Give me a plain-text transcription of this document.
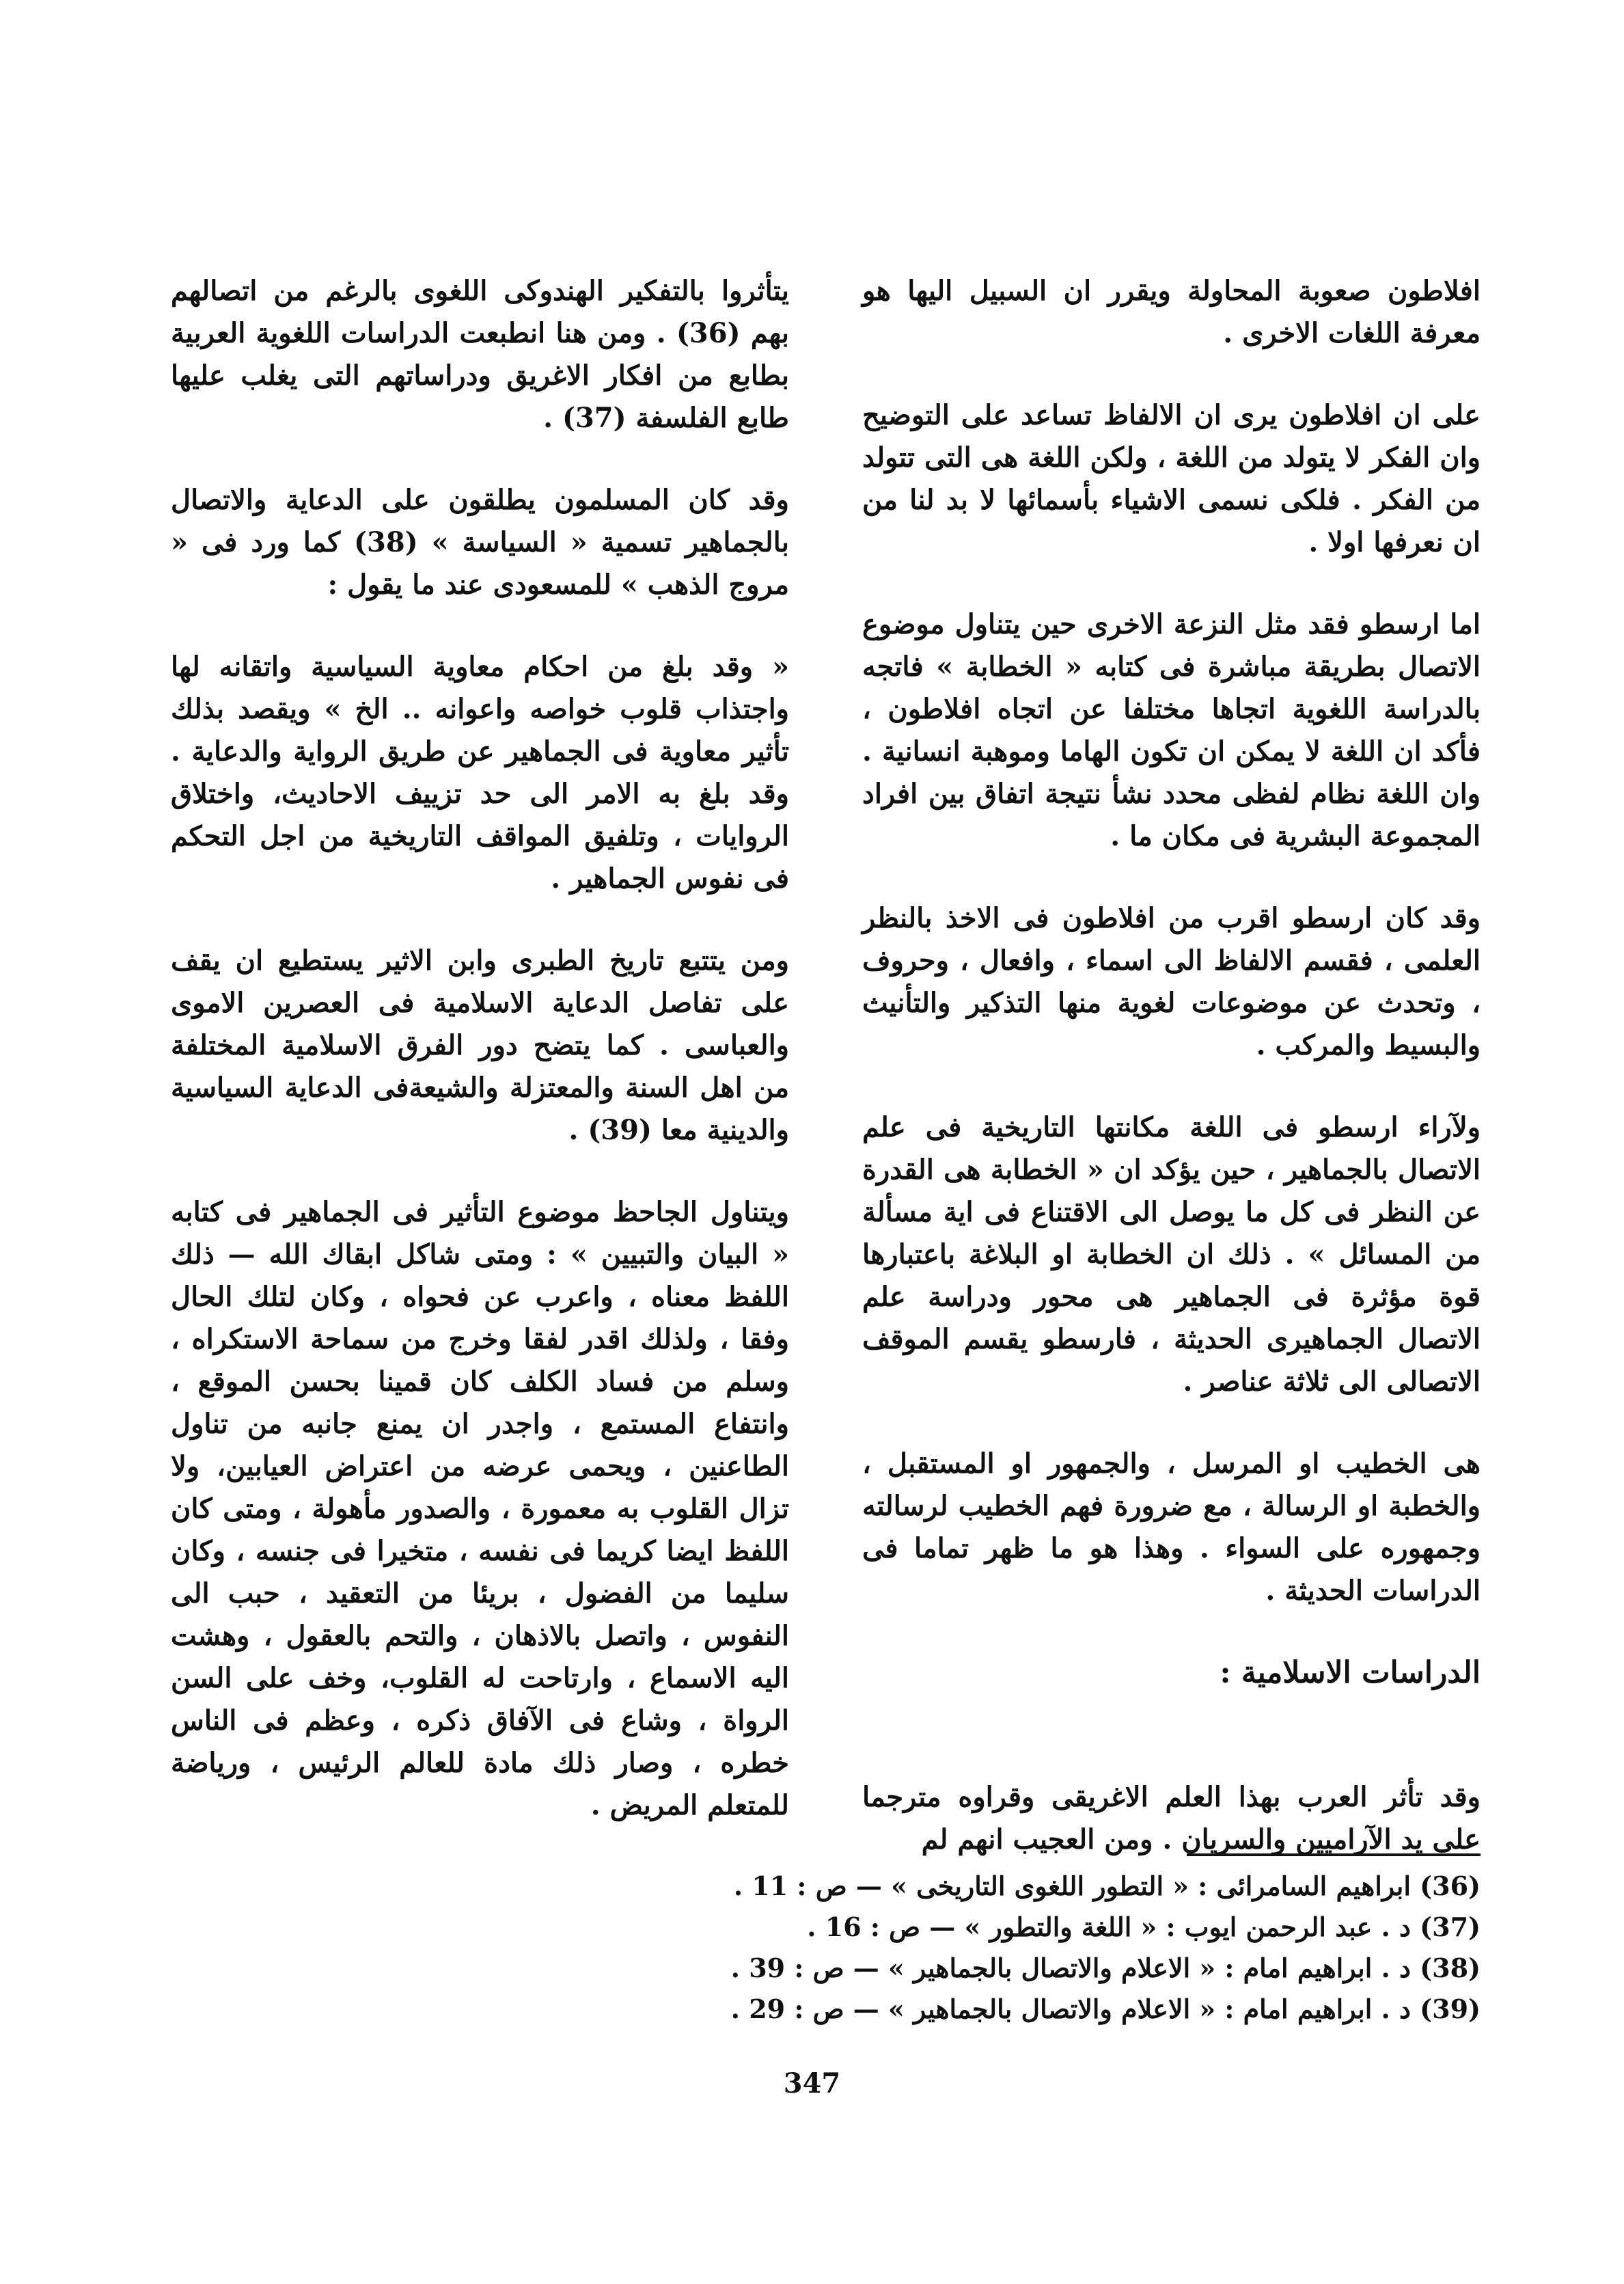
افلاطون صعوبة المحاولة ويقرر ان السبيل اليها هو معرفة اللغات الاخرى .

على ان افلاطون يرى ان الالفاظ تساعد على التوضيح وان الفكر لا يتولد من اللغة ، ولكن اللغة هى التى تتولد من الفكر . فلكى نسمى الاشياء بأسمائها لا بد لنا من ان نعرفها اولا .

اما ارسطو فقد مثل النزعة الاخرى حين يتناول موضوع الاتصال بطريقة مباشرة فى كتابه « الخطابة » فاتجه بالدراسة اللغوية اتجاها مختلفا عن اتجاه افلاطون ، فأكد ان اللغة لا يمكن ان تكون الهاما وموهبة انسانية . وان اللغة نظام لفظى محدد نشأ نتيجة اتفاق بين افراد المجموعة البشرية فى مكان ما .

وقد كان ارسطو اقرب من افلاطون فى الاخذ بالنظر العلمى ، فقسم الالفاظ الى اسماء ، وافعال ، وحروف ، وتحدث عن موضوعات لغوية منها التذكير والتأنيث والبسيط والمركب .

ولآراء ارسطو فى اللغة مكانتها التاريخية فى علم الاتصال بالجماهير ، حين يؤكد ان « الخطابة هى القدرة عن النظر فى كل ما يوصل الى الاقتناع فى اية مسألة من المسائل » . ذلك ان الخطابة او البلاغة باعتبارها قوة مؤثرة فى الجماهير هى محور ودراسة علم الاتصال الجماهيرى الحديثة ، فارسطو يقسم الموقف الاتصالى الى ثلاثة عناصر .

هى الخطيب او المرسل ، والجمهور او المستقبل ، والخطبة او الرسالة ، مع ضرورة فهم الخطيب لرسالته وجمهوره على السواء . وهذا هو ما ظهر تماما فى الدراسات الحديثة .

الدراسات الاسلامية :

وقد تأثر العرب بهذا العلم الاغريقى وقراوه مترجما على يد الآراميين والسريان . ومن العجيب انهم لم

يتأثروا بالتفكير الهندوكى اللغوى بالرغم من اتصالهم بهم (36) . ومن هنا انطبعت الدراسات اللغوية العربية بطابع من افكار الاغريق ودراساتهم التى يغلب عليها طابع الفلسفة (37) .

وقد كان المسلمون يطلقون على الدعاية والاتصال بالجماهير تسمية « السياسة » (38) كما ورد فى « مروج الذهب » للمسعودى عند ما يقول :

« وقد بلغ من احكام معاوية السياسية واتقانه لها واجتذاب قلوب خواصه واعوانه .. الخ » ويقصد بذلك تأثير معاوية فى الجماهير عن طريق الرواية والدعاية . وقد بلغ به الامر الى حد تزييف الاحاديث، واختلاق الروايات ، وتلفيق المواقف التاريخية من اجل التحكم فى نفوس الجماهير .

ومن يتتبع تاريخ الطبرى وابن الاثير يستطيع ان يقف على تفاصل الدعاية الاسلامية فى العصرين الاموى والعباسى . كما يتضح دور الفرق الاسلامية المختلفة من اهل السنة والمعتزلة والشيعةفى الدعاية السياسية والدينية معا (39) .

ويتناول الجاحظ موضوع التأثير فى الجماهير فى كتابه « البيان والتبيين » : ومتى شاكل ابقاك الله — ذلك اللفظ معناه ، واعرب عن فحواه ، وكان لتلك الحال وفقا ، ولذلك اقدر لفقا وخرج من سماحة الاستكراه ، وسلم من فساد الكلف كان قمينا بحسن الموقع ، وانتفاع المستمع ، واجدر ان يمنع جانبه من تناول الطاعنين ، ويحمى عرضه من اعتراض العيابين، ولا تزال القلوب به معمورة ، والصدور مأهولة ، ومتى كان اللفظ ايضا كريما فى نفسه ، متخيرا فى جنسه ، وكان سليما من الفضول ، بريئا من التعقيد ، حبب الى النفوس ، واتصل بالاذهان ، والتحم بالعقول ، وهشت اليه الاسماع ، وارتاحت له القلوب، وخف على السن الرواة ، وشاع فى الآفاق ذكره ، وعظم فى الناس خطره ، وصار ذلك مادة للعالم الرئيس ، ورياضة للمتعلم المريض .

(36) ابراهيم السامرائى : « التطور اللغوى التاريخى » — ص : 11 .

(37) د . عبد الرحمن ايوب : « اللغة والتطور » — ص : 16 .

(38) د . ابراهيم امام : « الاعلام والاتصال بالجماهير » — ص : 39 .

(39) د . ابراهيم امام : « الاعلام والاتصال بالجماهير » — ص : 29 .

347
